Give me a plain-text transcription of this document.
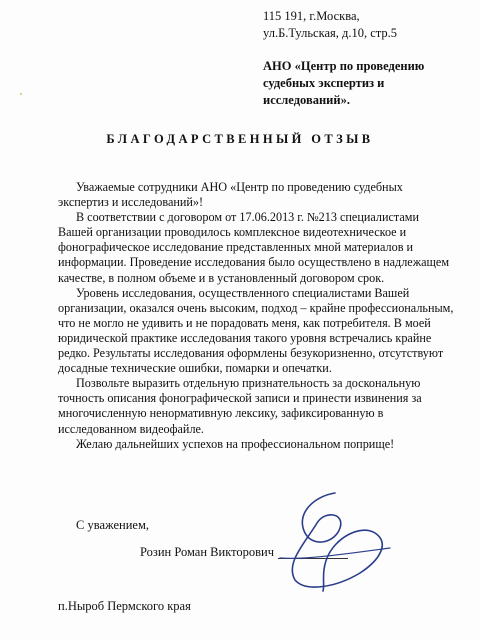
115 191, г.Москва,
ул.Б.Тульская, д.10, стр.5
АНО «Центр по проведению
судебных экспертиз и
исследований».
БЛАГОДАРСТВЕННЫЙ ОТЗЫВ
Уважаемые сотрудники АНО «Центр по проведению судебных
экспертиз и исследований»!
В соответствии с договором от 17.06.2013 г. №213 специалистами
Вашей организации проводилось комплексное видеотехническое и
фонографическое исследование представленных мной материалов и
информации. Проведение исследования было осуществлено в надлежащем
качестве, в полном объеме и в установленный договором срок.
Уровень исследования, осуществленного специалистами Вашей
организации, оказался очень высоким, подход – крайне профессиональным,
что не могло не удивить и не порадовать меня, как потребителя. В моей
юридической практике исследования такого уровня встречались крайне
редко. Результаты исследования оформлены безукоризненно, отсутствуют
досадные технические ошибки, помарки и опечатки.
Позвольте выразить отдельную признательность за доскональную
точность описания фонографической записи и принести извинения за
многочисленную ненормативную лексику, зафиксированную в
исследованном видеофайле.
Желаю дальнейших успехов на профессиональном поприще!
С уважением,
Розин Роман Викторович
п.Ныроб Пермского края
